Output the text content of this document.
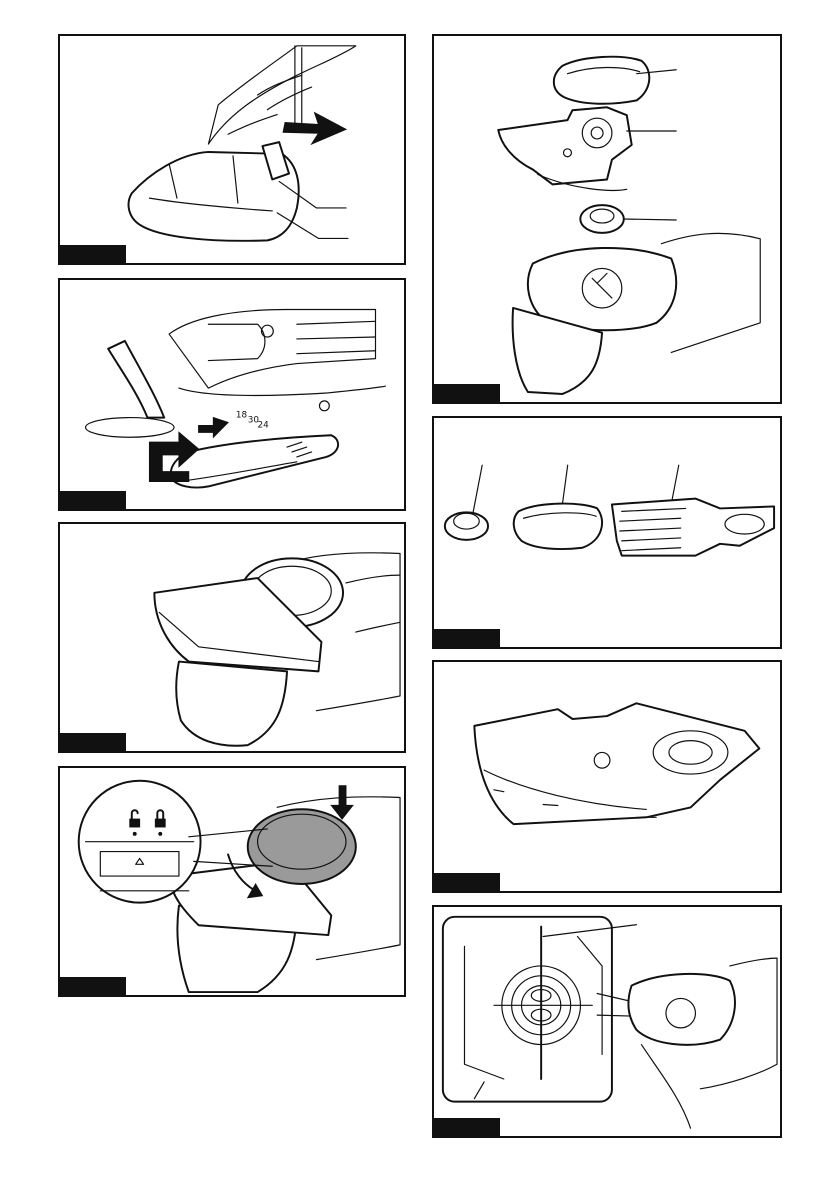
18 30
24
